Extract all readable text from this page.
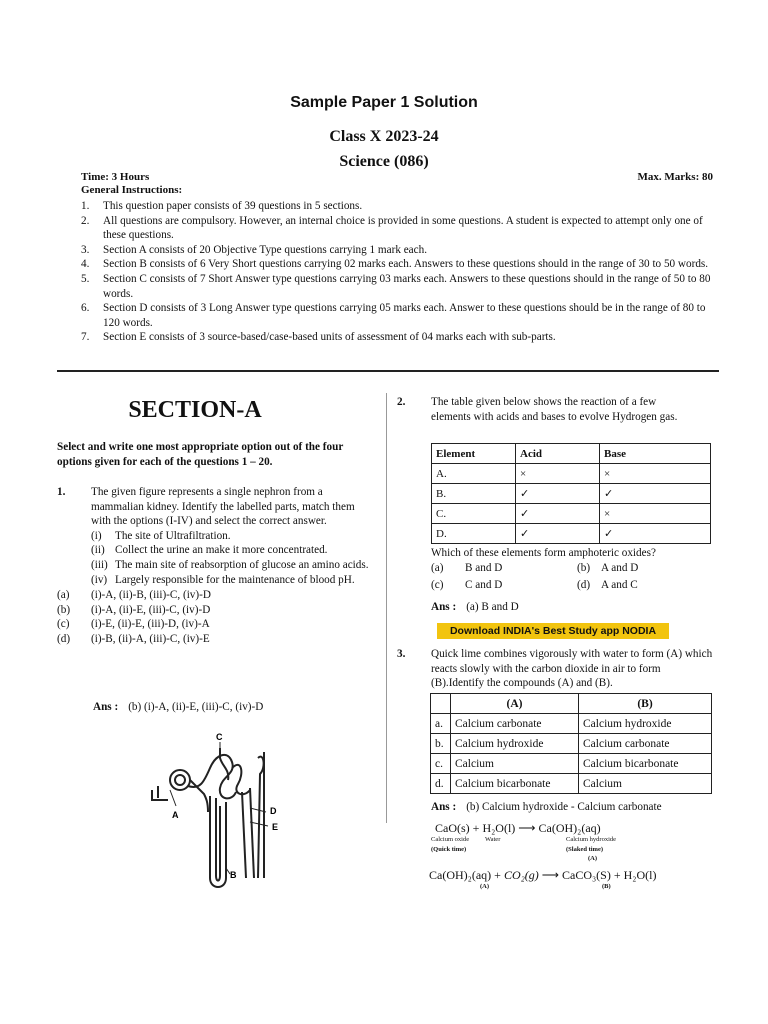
Sample Paper 1 Solution
Class X 2023-24
Science (086)
Time: 3 Hours	Max. Marks: 80
General Instructions:
1.	This question paper consists of 39 questions in 5 sections.
2.	All questions are compulsory. However, an internal choice is provided in some questions. A student is expected to attempt only one of these questions.
3.	Section A consists of 20 Objective Type questions carrying 1 mark each.
4.	Section B consists of 6 Very Short questions carrying 02 marks each. Answers to these questions should in the range of 30 to 50 words.
5.	Section C consists of 7 Short Answer type questions carrying 03 marks each. Answers to these questions should in the range of 50 to 80 words.
6.	Section D consists of 3 Long Answer type questions carrying 05 marks each. Answer to these questions should be in the range of 80 to 120 words.
7.	Section E consists of 3 source-based/case-based units of assessment of 04 marks each with sub-parts.
SECTION-A
Select and write one most appropriate option out of the four options given for each of the questions 1 – 20.
1.	The given figure represents a single nephron from a mammalian kidney. Identify the labelled parts, match them with the options (I-IV) and select the correct answer.
(i)	The site of Ultrafiltration.
(ii) Collect the urine an make it more concentrated.
(iii) The main site of reabsorption of glucose an amino acids.
(iv) Largely responsible for the maintenance of blood pH.
(a)	(i)-A, (ii)-B, (iii)-C, (iv)-D
(b)	(i)-A, (ii)-E, (iii)-C, (iv)-D
(c)	(i)-E, (ii)-E, (iii)-D, (iv)-A
(d)	(i)-B, (ii)-A, (iii)-C, (iv)-E
Ans : (b) (i)-A, (ii)-E, (iii)-C, (iv)-D
A
B
C
D
E
2.	The table given below shows the reaction of a few elements with acids and bases to evolve Hydrogen gas.
Element	Acid	Base
A.	×	×
B.	✓	✓
C.	✓	×
D.	✓	✓
Which of these elements form amphoteric oxides?
(a)	B and D	(b) A and D
(c)	C and D	(d) A and C
Ans : (a) B and D
Download INDIA's Best Study app NODIA
3.	Quick lime combines vigorously with water to form (A) which reacts slowly with the carbon dioxide in air to form (B).Identify the compounds (A) and (B).
	(A)	(B)
a.	Calcium carbonate	Calcium hydroxide
b.	Calcium hydroxide	Calcium carbonate
c.	Calcium	Calcium bicarbonate
d.	Calcium bicarbonate	Calcium
Ans : (b) Calcium hydroxide - Calcium carbonate
CaO(s) + H₂O(l) ⟶ Ca(OH)₂(aq)
Calcium oxide Water	Calcium hydroxide
(Quick time)	(Slaked time)
(A)
Ca(OH)₂(aq) + CO₂(g) ⟶ CaCO₃(S) + H₂O(l)
(A)	(B)
